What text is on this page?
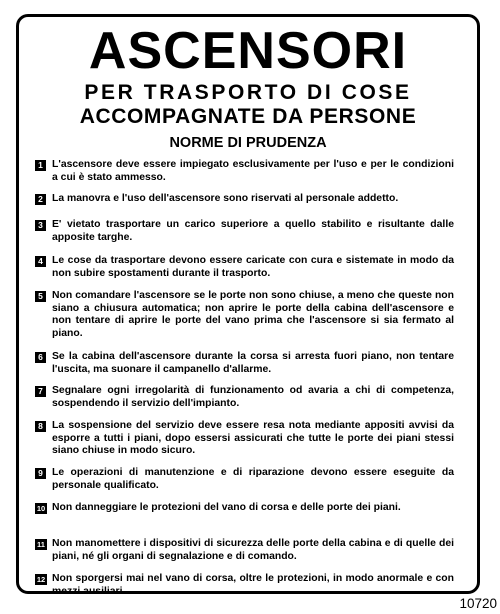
ASCENSORI
PER TRASPORTO DI COSE
ACCOMPAGNATE DA PERSONE
NORME DI PRUDENZA
1 L'ascensore deve essere impiegato esclusivamente per l'uso e per le condizioni a cui è stato ammesso.
2 La manovra e l'uso dell'ascensore sono riservati al personale addetto.
3 E' vietato trasportare un carico superiore a quello stabilito e risultante dalle apposite targhe.
4 Le cose da trasportare devono essere caricate con cura e sistemate in modo da non subire spostamenti durante il trasporto.
5 Non comandare l'ascensore se le porte non sono chiuse, a meno che queste non siano a chiusura automatica; non aprire le porte della cabina dell'ascensore e non tentare di aprire le porte del vano prima che l'ascensore si sia fermato al piano.
6 Se la cabina dell'ascensore durante la corsa si arresta fuori piano, non tentare l'uscita, ma suonare il campanello d'allarme.
7 Segnalare ogni irregolarità di funzionamento od avaria a chi di competenza, sospendendo il servizio dell'impianto.
8 La sospensione del servizio deve essere resa nota mediante appositi avvisi da esporre a tutti i piani, dopo essersi assicurati che tutte le porte dei piani stessi siano chiuse in modo sicuro.
9 Le operazioni di manutenzione e di riparazione devono essere eseguite da personale qualificato.
10 Non danneggiare le protezioni del vano di corsa e delle porte dei piani.
11 Non manomettere i dispositivi di sicurezza delle porte della cabina e di quelle dei piani, né gli organi di segnalazione e di comando.
12 Non sporgersi mai nel vano di corsa, oltre le protezioni, in modo anormale e con mezzi ausiliari.
10720
